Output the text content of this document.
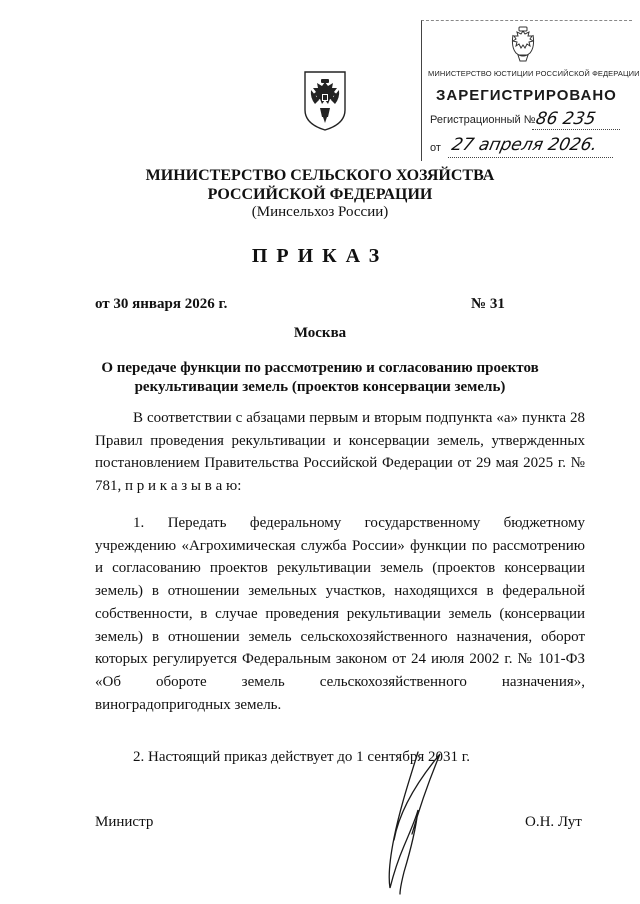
МИНИСТЕРСТВО ЮСТИЦИИ РОССИЙСКОЙ ФЕДЕРАЦИИ
ЗАРЕГИСТРИРОВАНО
Регистрационный №
86 235
от 27 апреля 2026.
МИНИСТЕРСТВО СЕЛЬСКОГО ХОЗЯЙСТВА
РОССИЙСКОЙ ФЕДЕРАЦИИ
(Минсельхоз России)
ПРИКАЗ
от 30 января 2026 г.	№ 31
Москва
О передаче функции по рассмотрению и согласованию проектов
рекультивации земель (проектов консервации земель)
В соответствии с абзацами первым и вторым подпункта «а» пункта 28 Правил проведения рекультивации и консервации земель, утвержденных постановлением Правительства Российской Федерации от 29 мая 2025 г. № 781, п р и к а з ы в а ю:
1. Передать федеральному государственному бюджетному учреждению «Агрохимическая служба России» функции по рассмотрению и согласованию проектов рекультивации земель (проектов консервации земель) в отношении земельных участков, находящихся в федеральной собственности, в случае проведения рекультивации земель (консервации земель) в отношении земель сельскохозяйственного назначения, оборот которых регулируется Федеральным законом от 24 июля 2002 г. № 101-ФЗ «Об обороте земель сельскохозяйственного назначения», виноградопригодных земель.
2. Настоящий приказ действует до 1 сентября 2031 г.
Министр	О.Н. Лут
